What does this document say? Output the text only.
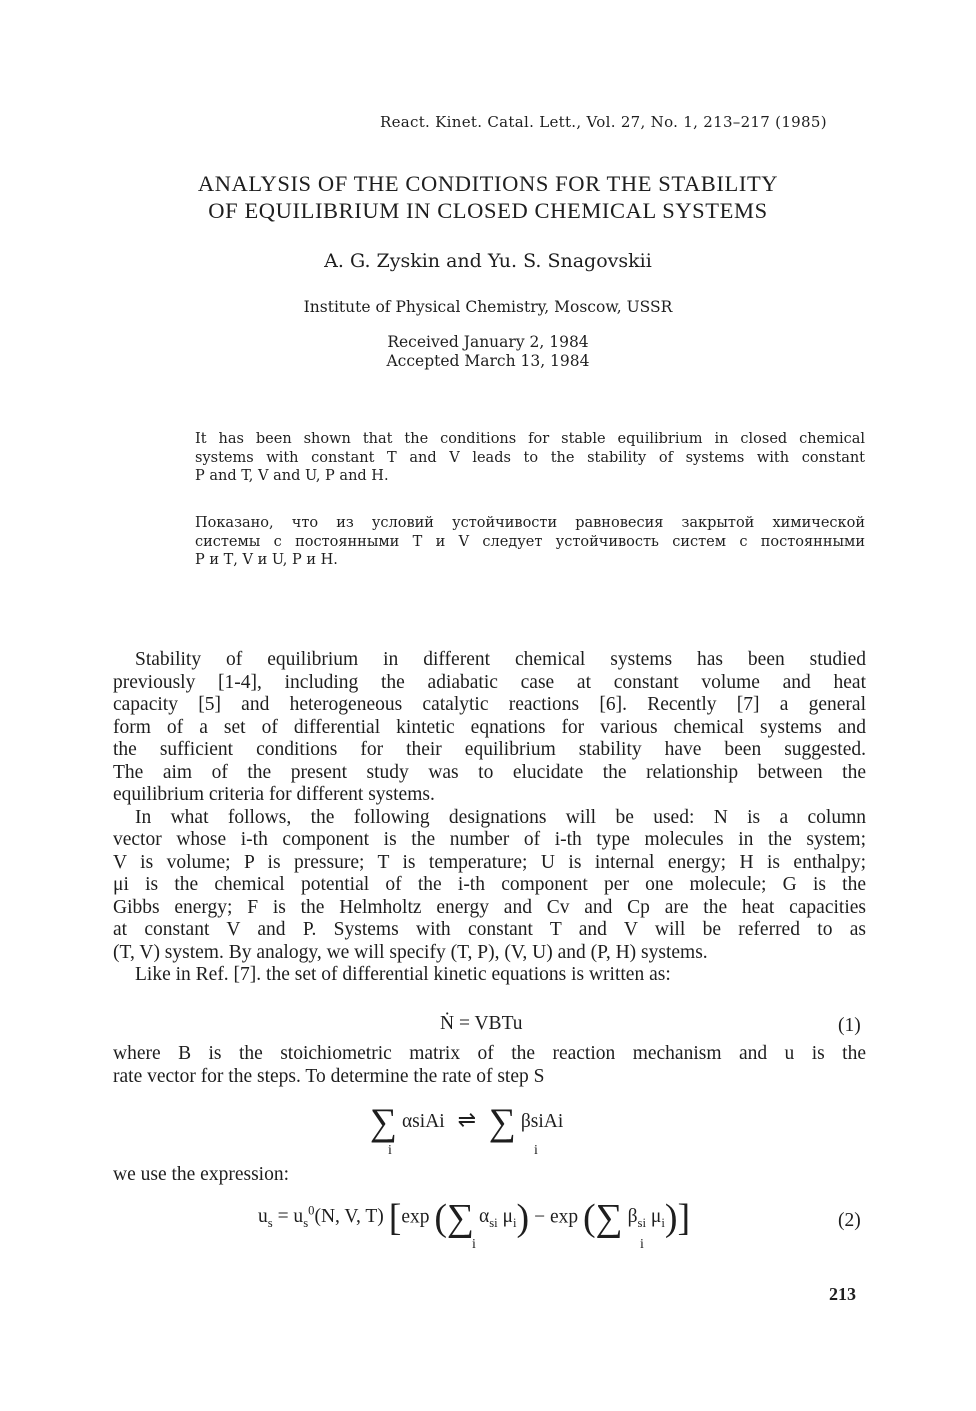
React. Kinet. Catal. Lett., Vol. 27, No. 1, 213–217 (1985)
ANALYSIS OF THE CONDITIONS FOR THE STABILITY
OF EQUILIBRIUM IN CLOSED CHEMICAL SYSTEMS
A. G. Zyskin and Yu. S. Snagovskii
Institute of Physical Chemistry, Moscow, USSR
Received January 2, 1984
Accepted March 13, 1984
It has been shown that the conditions for stable equilibrium in closed chemical
systems with constant T and V leads to the stability of systems with constant
P and T, V and U, P and H.
Показано, что из условий устойчивости равновесия закрытой химической
системы с постоянными Т и V следует устойчивость систем с постоянными
Р и Т, V и U, Р и Н.
Stability of equilibrium in different chemical systems has been studied
previously [1-4], including the adiabatic case at constant volume and heat
capacity [5] and heterogeneous catalytic reactions [6]. Recently [7] a general
form of a set of differential kintetic eqnations for various chemical systems and
the sufficient conditions for their equilibrium stability have been suggested.
The aim of the present study was to elucidate the relationship between the
equilibrium criteria for different systems.
In what follows, the following designations will be used: N is a column
vector whose i-th component is the number of i-th type molecules in the system;
V is volume; P is pressure; T is temperature; U is internal energy; H is enthalpy;
μi is the chemical potential of the i-th component per one molecule; G is the
Gibbs energy; F is the Helmholtz energy and Cv and Cp are the heat capacities
at constant V and P. Systems with constant T and V will be referred to as
(T, V) system. By analogy, we will specify (T, P), (V, U) and (P, H) systems.
Like in Ref. [7]. the set of differential kinetic equations is written as:
Ṅ = VBTu	(1)
where B is the stoichiometric matrix of the reaction mechanism and u is the
rate vector for the steps. To determine the rate of step S
∑ αsiAi ⇌ ∑ βsiAi
i	i
we use the expression:
$u_s = u_s^0(N$, V, T) [exp (∑ $\alpha_{si}$ $\mu_i) - \exp$ (∑ $\beta_{si}$ $\mu_i$)]
i	i
(2)
213
